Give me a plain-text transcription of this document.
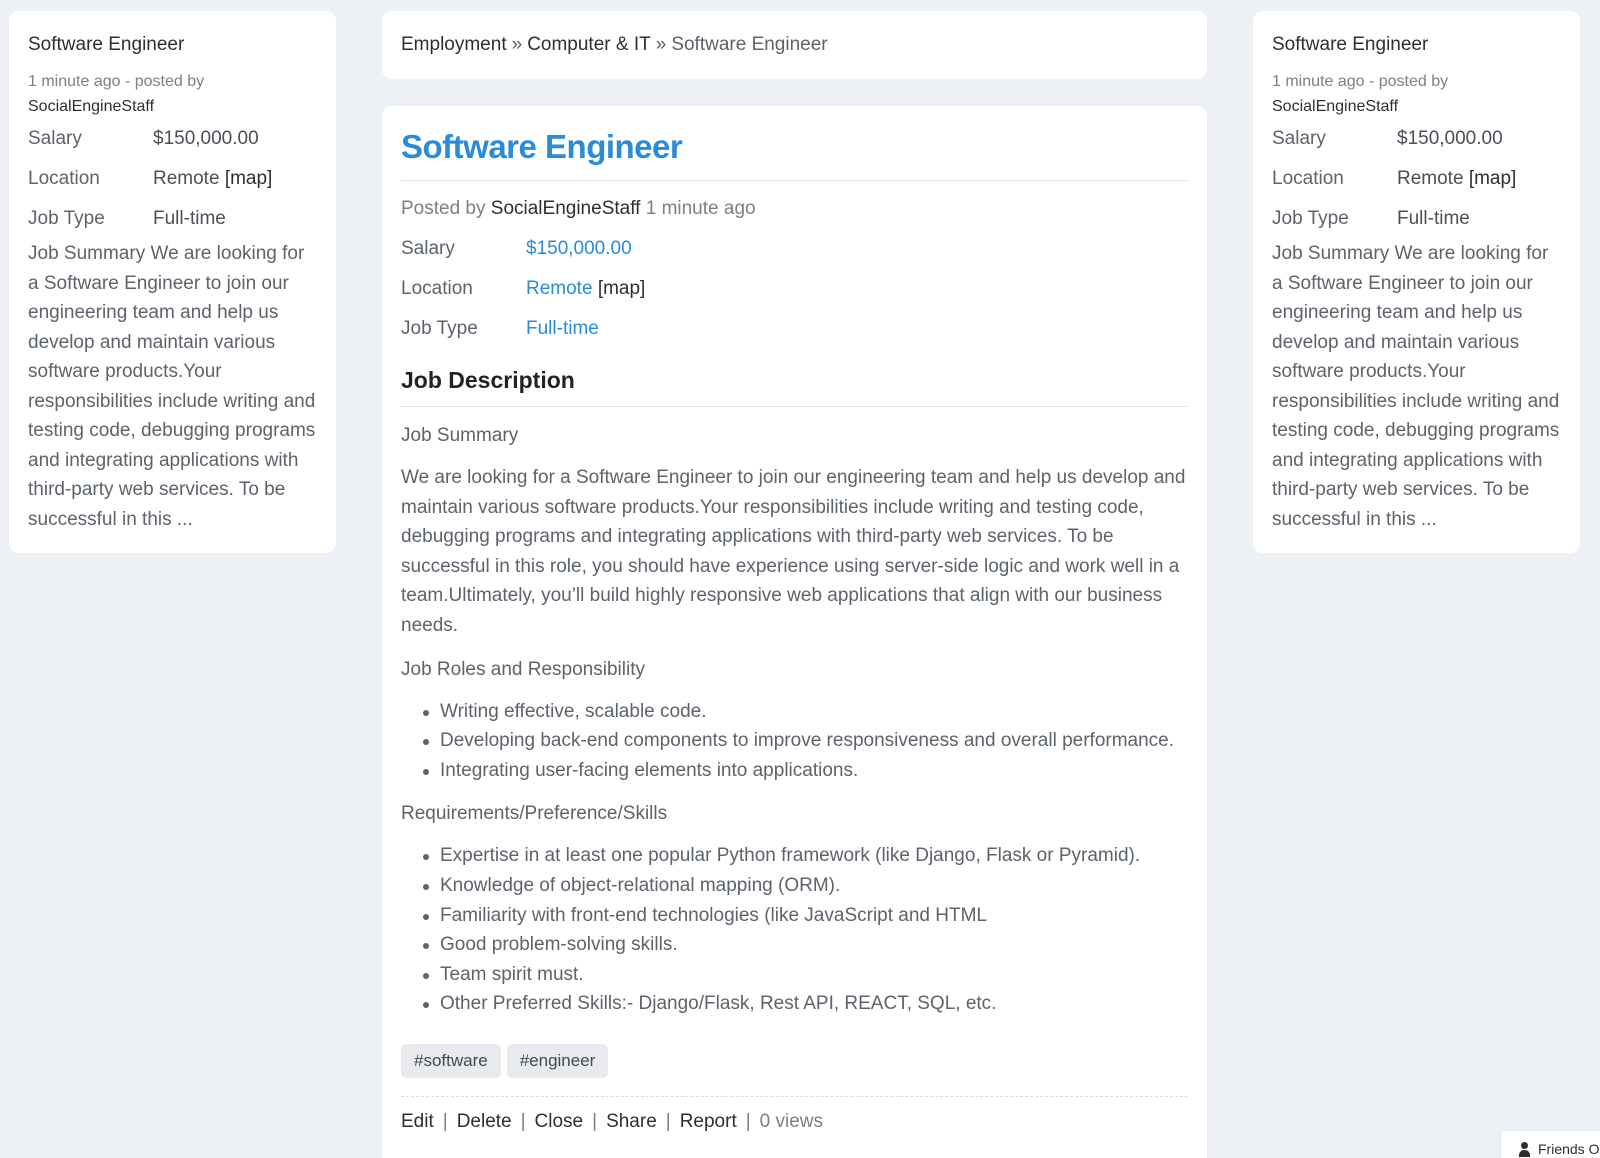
Software Engineer
1 minute ago - posted by
SocialEngineStaff
Salary	$150,000.00
Location	Remote [map]
Job Type	Full-time
Job Summary We are looking for a Software Engineer to join our engineering team and help us develop and maintain various software products.Your responsibilities include writing and testing code, debugging programs and integrating applications with third-party web services. To be successful in this ...
Software Engineer
1 minute ago - posted by
SocialEngineStaff
Salary	$150,000.00
Location	Remote [map]
Job Type	Full-time
Job Summary We are looking for a Software Engineer to join our engineering team and help us develop and maintain various software products.Your responsibilities include writing and testing code, debugging programs and integrating applications with third-party web services. To be successful in this ...
Employment » Computer & IT » Software Engineer
Software Engineer
Posted by SocialEngineStaff 1 minute ago
Salary	$150,000.00
Location	Remote [map]
Job Type	Full-time
Job Description
Job Summary

We are looking for a Software Engineer to join our engineering team and help us develop and maintain various software products.Your responsibilities include writing and testing code, debugging programs and integrating applications with third-party web services. To be successful in this role, you should have experience using server-side logic and work well in a team.Ultimately, you’ll build highly responsive web applications that align with our business needs.

Job Roles and Responsibility
Writing effective, scalable code.
Developing back-end components to improve responsiveness and overall performance.
Integrating user-facing elements into applications.
Requirements/Preference/Skills
Expertise in at least one popular Python framework (like Django, Flask or Pyramid).
Knowledge of object-relational mapping (ORM).
Familiarity with front-end technologies (like JavaScript and HTML
Good problem-solving skills.
Team spirit must.
Other Preferred Skills:- Django/Flask, Rest API, REACT, SQL, etc.
#software	#engineer
Edit | Delete | Close | Share | Report | 0 views
Friends O
